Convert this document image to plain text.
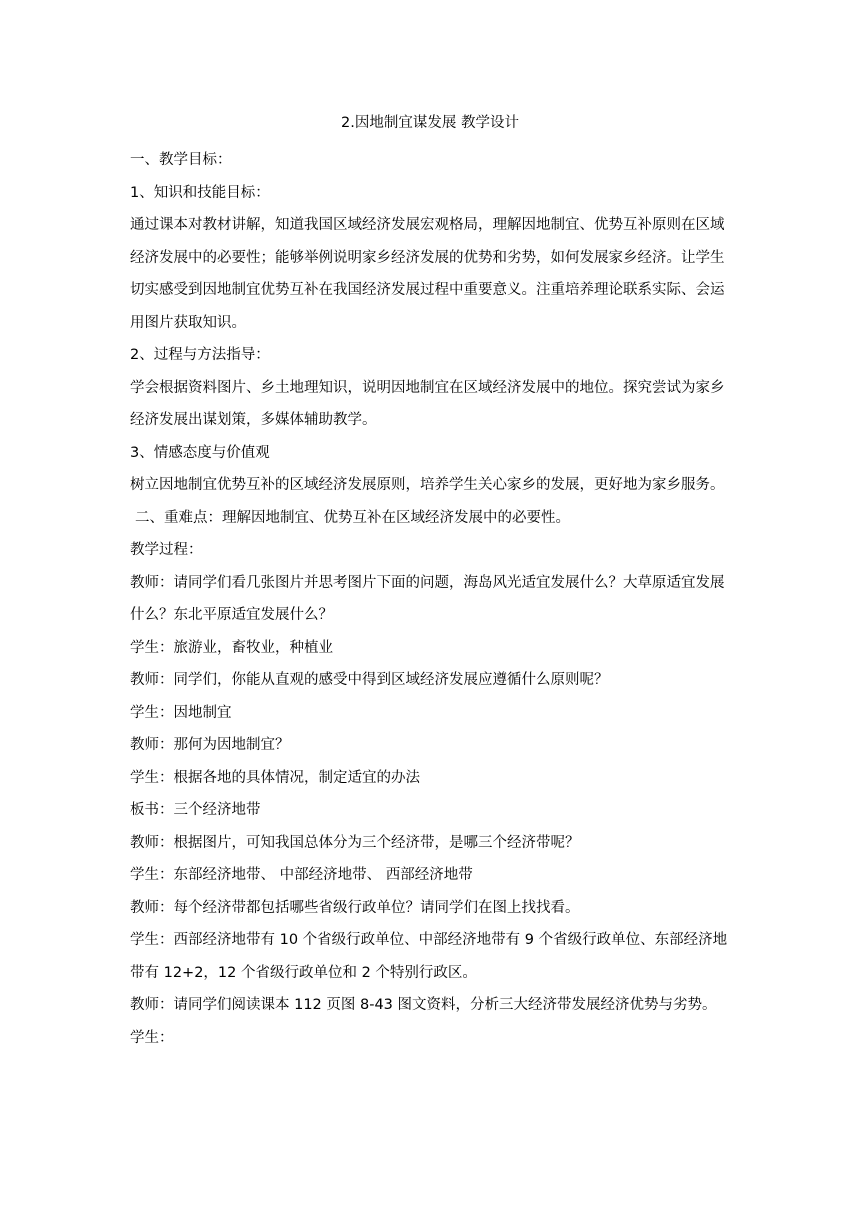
2.因地制宜谋发展 教学设计

一、教学目标：

1、知识和技能目标：

通过课本对教材讲解，知道我国区域经济发展宏观格局，理解因地制宜、优势互补原则在区域经济发展中的必要性；能够举例说明家乡经济发展的优势和劣势，如何发展家乡经济。让学生切实感受到因地制宜优势互补在我国经济发展过程中重要意义。注重培养理论联系实际、会运用图片获取知识。

2、过程与方法指导：

学会根据资料图片、乡土地理知识，说明因地制宜在区域经济发展中的地位。探究尝试为家乡经济发展出谋划策，多媒体辅助教学。

3、情感态度与价值观

树立因地制宜优势互补的区域经济发展原则，培养学生关心家乡的发展，更好地为家乡服务。

二、重难点：理解因地制宜、优势互补在区域经济发展中的必要性。

教学过程：

教师：请同学们看几张图片并思考图片下面的问题，海岛风光适宜发展什么？大草原适宜发展什么？东北平原适宜发展什么？

学生：旅游业，畜牧业，种植业

教师：同学们，你能从直观的感受中得到区域经济发展应遵循什么原则呢？

学生：因地制宜

教师：那何为因地制宜？

学生：根据各地的具体情况，制定适宜的办法

板书：三个经济地带

教师：根据图片，可知我国总体分为三个经济带，是哪三个经济带呢？

学生：东部经济地带、 中部经济地带、 西部经济地带

教师：每个经济带都包括哪些省级行政单位？请同学们在图上找找看。

学生：西部经济地带有 10 个省级行政单位、中部经济地带有 9 个省级行政单位、东部经济地带有 12+2，12 个省级行政单位和 2 个特别行政区。

教师：请同学们阅读课本 112 页图 8-43 图文资料，分析三大经济带发展经济优势与劣势。

学生：
